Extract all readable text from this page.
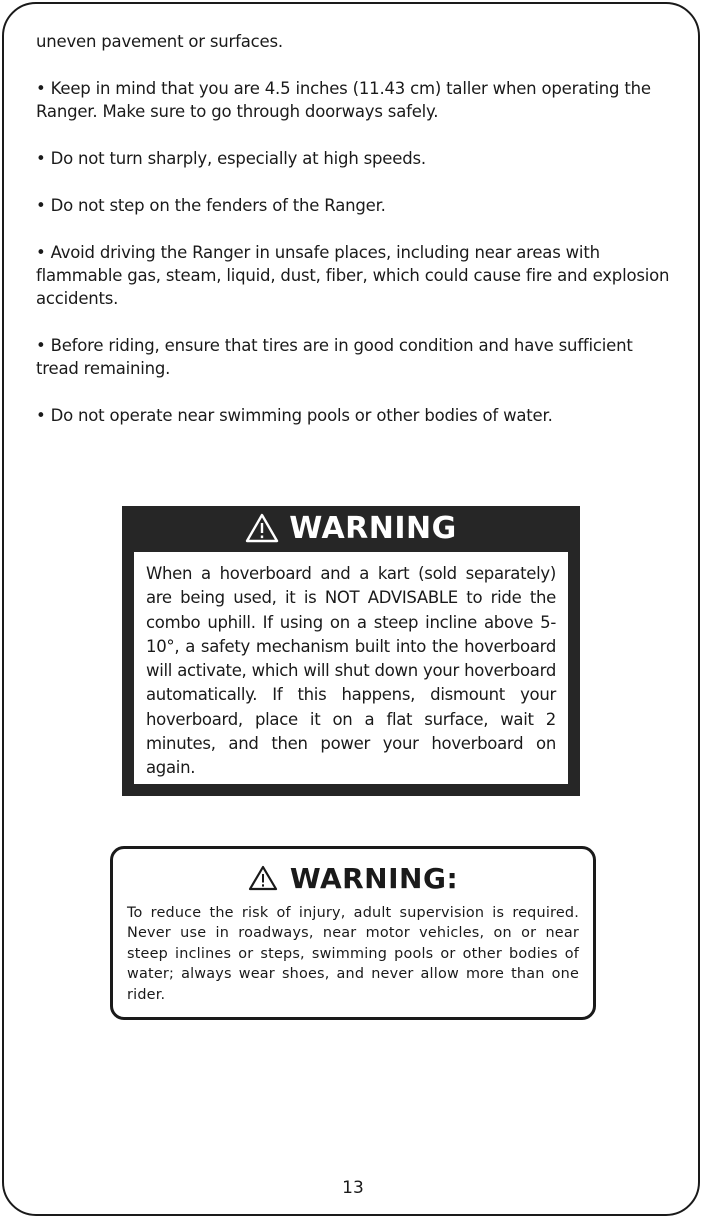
uneven pavement or surfaces.

• Keep in mind that you are 4.5 inches (11.43 cm) taller when operating the Ranger. Make sure to go through doorways safely.

• Do not turn sharply, especially at high speeds.

• Do not step on the fenders of the Ranger.

• Avoid driving the Ranger in unsafe places, including near areas with flammable gas, steam, liquid, dust, fiber, which could cause fire and explosion accidents.

• Before riding, ensure that tires are in good condition and have sufficient tread remaining.

• Do not operate near swimming pools or other bodies of water.

WARNING
When a hoverboard and a kart (sold separately) are being used, it is NOT ADVISABLE to ride the combo uphill. If using on a steep incline above 5-10°, a safety mechanism built into the hoverboard will activate, which will shut down your hoverboard automatically. If this happens, dismount your hoverboard, place it on a flat surface, wait 2 minutes, and then power your hoverboard on again.
WARNING:
To reduce the risk of injury, adult supervision is required. Never use in roadways, near motor vehicles, on or near steep inclines or steps, swimming pools or other bodies of water; always wear shoes, and never allow more than one rider.
13
